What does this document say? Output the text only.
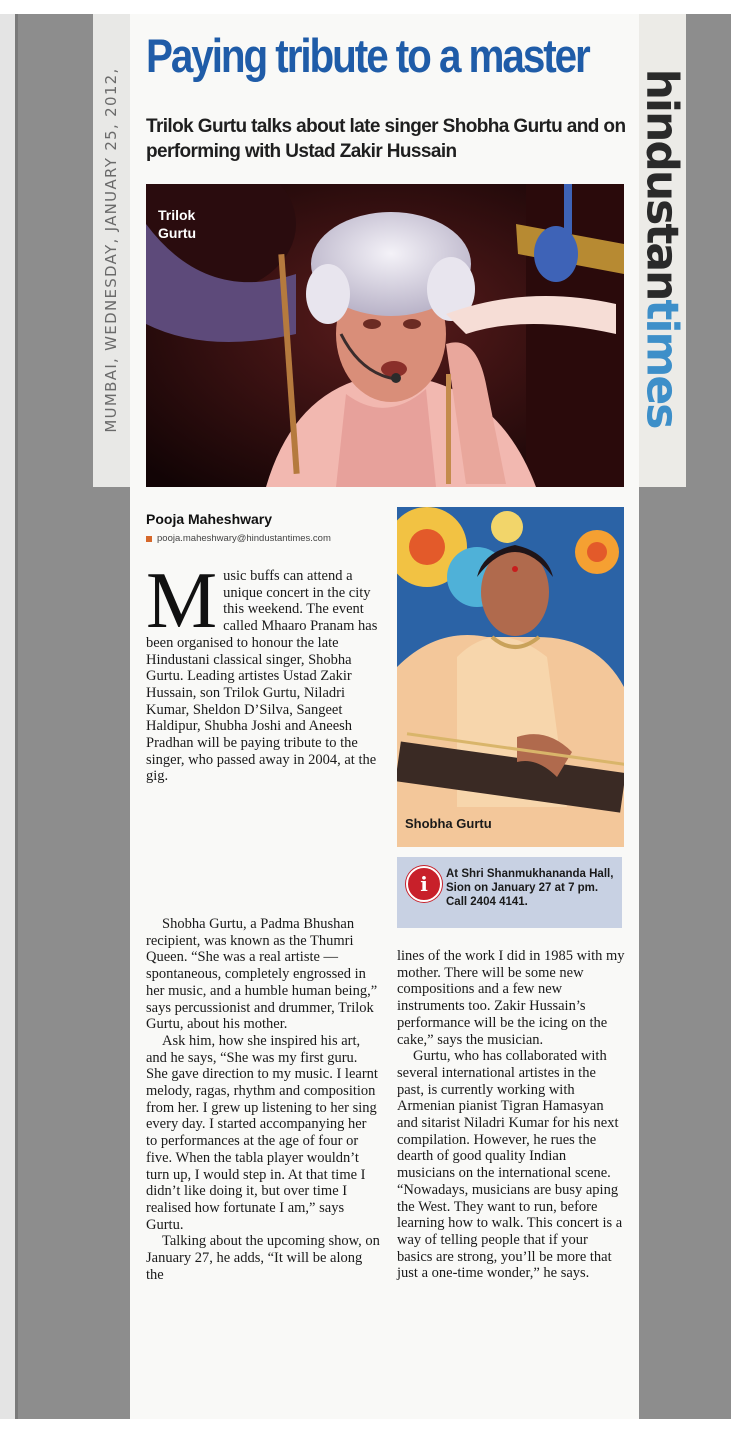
MUMBAI, WEDNESDAY, JANUARY 25, 2012,	hindustantimes
Paying tribute to a master
Trilok Gurtu talks about late singer Shobha Gurtu and on performing with Ustad Zakir Hussain
Trilok
Gurtu
Pooja Maheshwary
pooja.maheshwary@hindustantimes.com

Music buffs can attend a unique concert in the city this weekend. The event called Mhaaro Pranam has been organised to honour the late Hindustani classical singer, Shobha Gurtu. Leading artistes Ustad Zakir Hussain, son Trilok Gurtu, Niladri Kumar, Sheldon D’Silva, Sangeet Haldipur, Shubha Joshi and Aneesh Pradhan will be paying tribute to the singer, who passed away in 2004, at the gig.

Shobha Gurtu, a Padma Bhushan recipient, was known as the Thumri Queen. “She was a real artiste — spontaneous, completely engrossed in her music, and a humble human being,” says percussionist and drummer, Trilok Gurtu, about his mother.

Ask him, how she inspired his art, and he says, “She was my first guru. She gave direction to my music. I learnt melody, ragas, rhythm and composition from her. I grew up listening to her sing every day. I started accompanying her to performances at the age of four or five. When the tabla player wouldn’t turn up, I would step in. At that time I didn’t like doing it, but over time I realised how fortunate I am,” says Gurtu.

Talking about the upcoming show, on January 27, he adds, “It will be along the

Shobha Gurtu
i	At Shri Shanmukhananda Hall, Sion on January 27 at 7 pm. Call 2404 4141.

lines of the work I did in 1985 with my mother. There will be some new compositions and a few new instruments too. Zakir Hussain’s performance will be the icing on the cake,” says the musician.

Gurtu, who has collaborated with several international artistes in the past, is currently working with Armenian pianist Tigran Hamasyan and sitarist Niladri Kumar for his next compilation. However, he rues the dearth of good quality Indian musicians on the international scene. “Nowadays, musicians are busy aping the West. They want to run, before learning how to walk. This concert is a way of telling people that if your basics are strong, you’ll be more that just a one-time wonder,” he says.
